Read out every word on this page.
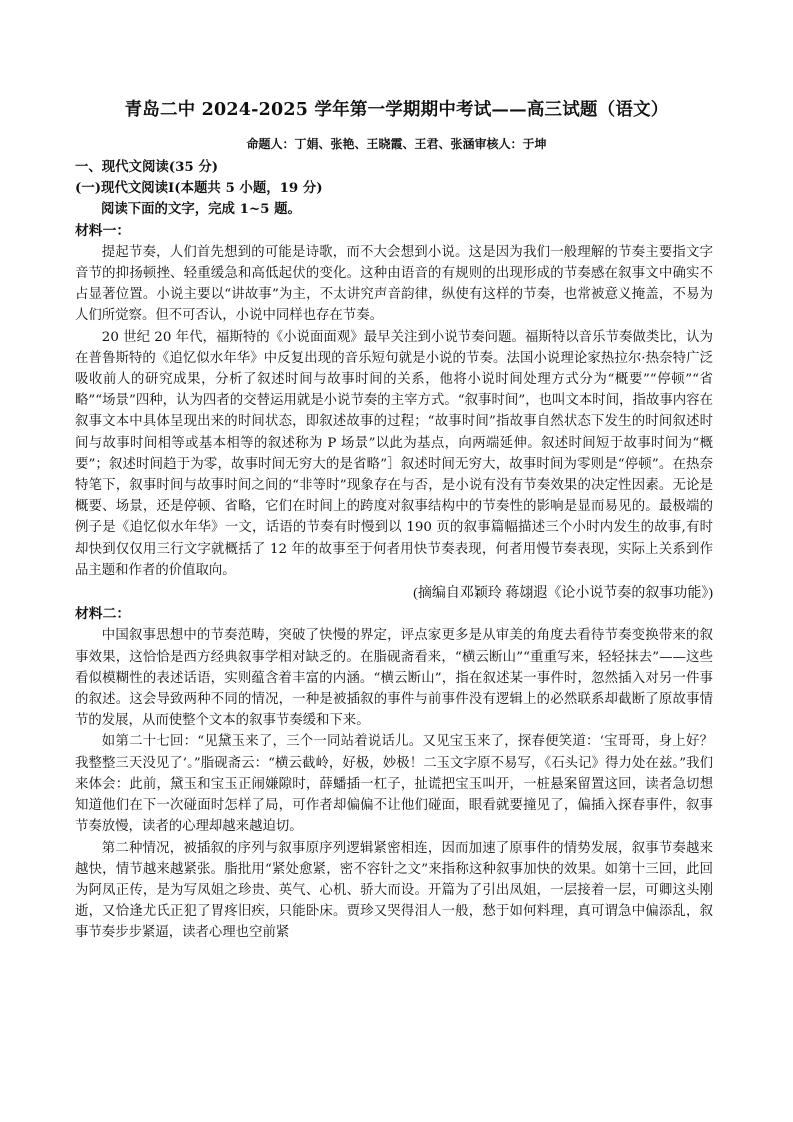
青岛二中 2024-2025 学年第一学期期中考试——高三试题（语文）
命题人：丁娟、张艳、王晓霞、王君、张涵审核人：于坤
一、现代文阅读(35 分)
(一)现代文阅读Ⅰ(本题共 5 小题，19 分)
阅读下面的文字，完成 1~5 题。
材料一：

提起节奏，人们首先想到的可能是诗歌，而不大会想到小说。这是因为我们一般理解的节奏主要指文字音节的抑扬顿挫、轻重缓急和高低起伏的变化。这种由语音的有规则的出现形成的节奏感在叙事文中确实不占显著位置。小说主要以“讲故事”为主，不太讲究声音韵律，纵使有这样的节奏，也常被意义掩盖，不易为人们所觉察。但不可否认，小说中同样也存在节奏。

20 世纪 20 年代，福斯特的《小说面面观》最早关注到小说节奏问题。福斯特以音乐节奏做类比，认为在普鲁斯特的《追忆似水年华》中反复出现的音乐短句就是小说的节奏。法国小说理论家热拉尔·热奈特广泛吸收前人的研究成果，分析了叙述时间与故事时间的关系，他将小说时间处理方式分为“概要”“停顿”“省略”“场景”四种，认为四者的交替运用就是小说节奏的主宰方式。“叙事时间”，也叫文本时间，指故事内容在叙事文本中具体呈现出来的时间状态，即叙述故事的过程；“故事时间”指故事自然状态下发生的时间叙述时间与故事时间相等或基本相等的叙述称为 P 场景”以此为基点，向两端延伸。叙述时间短于故事时间为“概要”；叙述时间趋于为零，故事时间无穷大的是省略”］叙述时间无穷大，故事时间为零则是“停顿”。在热奈特笔下，叙事时间与故事时间之间的“非等时”现象存在与否，是小说有没有节奏效果的决定性因素。无论是概要、场景，还是停顿、省略，它们在时间上的跨度对叙事结构中的节奏性的影响是显而易见的。最极端的例子是《追忆似水年华》一文，话语的节奏有时慢到以 190 页的叙事篇幅描述三个小时内发生的故事,有时却快到仅仅用三行文字就概括了 12 年的故事至于何者用快节奏表现，何者用慢节奏表现，实际上关系到作品主题和作者的价值取向。

(摘编自邓颖玲 蒋翃遐《论小说节奏的叙事功能》)
材料二：

中国叙事思想中的节奏范畴，突破了快慢的界定，评点家更多是从审美的角度去看待节奏变换带来的叙事效果，这恰恰是西方经典叙事学相对缺乏的。在脂砚斋看来，“横云断山”“重重写来，轻轻抹去”——这些看似模糊性的表述话语，实则蕴含着丰富的内涵。“横云断山”，指在叙述某一事件时，忽然插入对另一件事的叙述。这会导致两种不同的情况，一种是被插叙的事件与前事件没有逻辑上的必然联系却截断了原故事情节的发展，从而使整个文本的叙事节奏缓和下来。

如第二十七回：“见黛玉来了，三个一同站着说话儿。又见宝玉来了，探春便笑道：‘宝哥哥，身上好？我整整三天没见了’。”脂砚斋云：“横云截岭，好极，妙极！二玉文字原不易写，《石头记》得力处在兹。”我们来体会：此前，黛玉和宝玉正闹嫌隙时，薛蟠插一杠子，扯谎把宝玉叫开，一桩悬案留置这回，读者急切想知道他们在下一次碰面时怎样了局，可作者却偏偏不让他们碰面，眼看就要撞见了，偏插入探春事件，叙事节奏放慢，读者的心理却越来越迫切。

第二种情况，被插叙的序列与叙事原序列逻辑紧密相连，因而加速了原事件的情势发展，叙事节奏越来越快，情节越来越紧张。脂批用“紧处愈紧，密不容针之文”来指称这种叙事加快的效果。如第十三回，此回为阿凤正传，是为写凤姐之珍贵、英气、心机、骄大而设。开篇为了引出凤姐，一层接着一层，可卿这头刚逝，又恰逢尤氏正犯了胃疼旧疾，只能卧床。贾珍又哭得泪人一般，愁于如何料理，真可谓急中偏添乱，叙事节奏步步紧逼，读者心理也空前紧
